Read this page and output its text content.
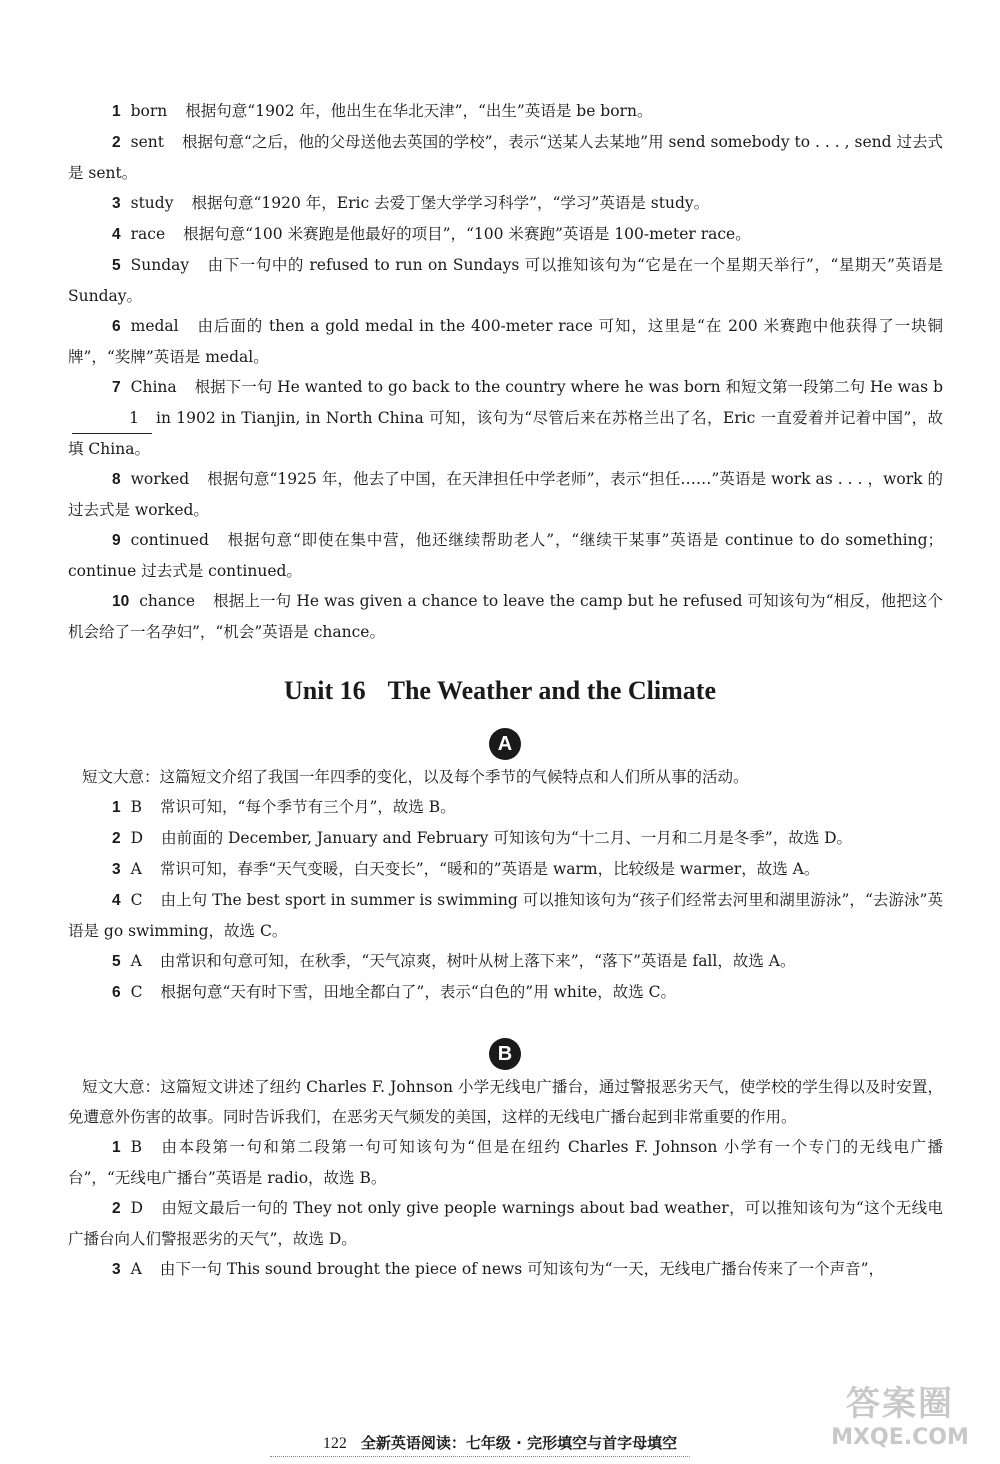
1 born 根据句意“1902 年，他出生在华北天津”，“出生”英语是 be born。

2 sent 根据句意“之后，他的父母送他去英国的学校”，表示“送某人去某地”用 send somebody to . . . , send 过去式是 sent。

3 study 根据句意“1920 年，Eric 去爱丁堡大学学习科学”，“学习”英语是 study。

4 race 根据句意“100 米赛跑是他最好的项目”，“100 米赛跑”英语是 100-meter race。

5 Sunday 由下一句中的 refused to run on Sundays 可以推知该句为“它是在一个星期天举行”，“星期天”英语是 Sunday。

6 medal 由后面的 then a gold medal in the 400-meter race 可知，这里是“在 200 米赛跑中他获得了一块铜牌”，“奖牌”英语是 medal。

7 China 根据下一句 He wanted to go back to the country where he was born 和短文第一段第二句 He was b1 in 1902 in Tianjin, in North China 可知，该句为“尽管后来在苏格兰出了名，Eric 一直爱着并记着中国”，故填 China。

8 worked 根据句意“1925 年，他去了中国，在天津担任中学老师”，表示“担任……”英语是 work as . . . ，work 的过去式是 worked。

9 continued 根据句意“即使在集中营，他还继续帮助老人”，“继续干某事”英语是 continue to do something；continue 过去式是 continued。

10 chance 根据上一句 He was given a chance to leave the camp but he refused 可知该句为“相反，他把这个机会给了一名孕妇”，“机会”英语是 chance。

Unit 16 The Weather and the Climate
A

短文大意：这篇短文介绍了我国一年四季的变化，以及每个季节的气候特点和人们所从事的活动。

1 B 常识可知，“每个季节有三个月”，故选 B。

2 D 由前面的 December, January and February 可知该句为“十二月、一月和二月是冬季”，故选 D。

3 A 常识可知，春季“天气变暖，白天变长”，“暖和的”英语是 warm，比较级是 warmer，故选 A。

4 C 由上句 The best sport in summer is swimming 可以推知该句为“孩子们经常去河里和湖里游泳”，“去游泳”英语是 go swimming，故选 C。

5 A 由常识和句意可知，在秋季，“天气凉爽，树叶从树上落下来”，“落下”英语是 fall，故选 A。

6 C 根据句意“天有时下雪，田地全都白了”，表示“白色的”用 white，故选 C。

B

短文大意：这篇短文讲述了纽约 Charles F. Johnson 小学无线电广播台，通过警报恶劣天气，使学校的学生得以及时安置，免遭意外伤害的故事。同时告诉我们，在恶劣天气频发的美国，这样的无线电广播台起到非常重要的作用。

1 B 由本段第一句和第二段第一句可知该句为“但是在纽约 Charles F. Johnson 小学有一个专门的无线电广播台”，“无线电广播台”英语是 radio，故选 B。

2 D 由短文最后一句的 They not only give people warnings about bad weather，可以推知该句为“这个无线电广播台向人们警报恶劣的天气”，故选 D。

3 A 由下一句 This sound brought the piece of news 可知该句为“一天，无线电广播台传来了一个声音”，

122 全新英语阅读：七年级 · 完形填空与首字母填空
答案圈
MXQE.COM
